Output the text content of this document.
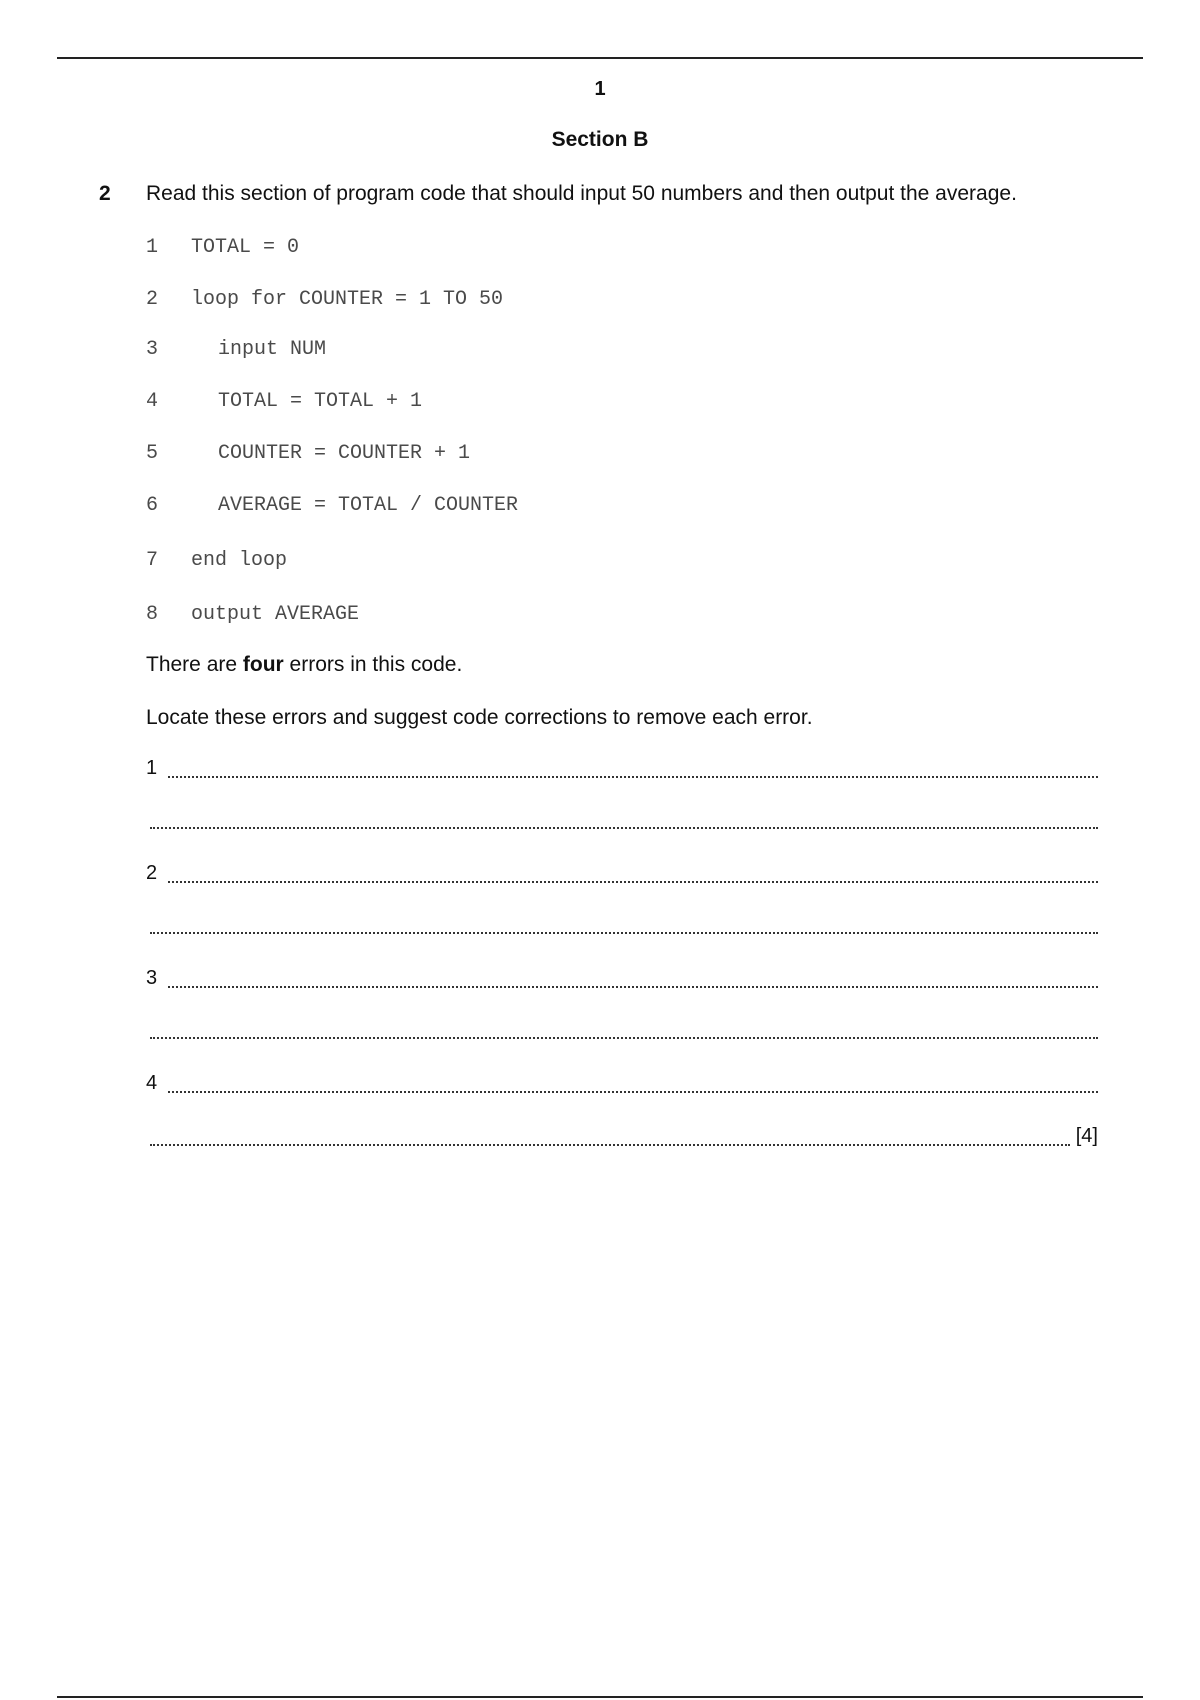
1
Section B
2 Read this section of program code that should input 50 numbers and then output the average.

1

TOTAL = 0

2

loop for COUNTER = 1 TO 50

3

	input NUM

4

	TOTAL = TOTAL + 1

5

	COUNTER = COUNTER + 1

6

	AVERAGE = TOTAL / COUNTER

7

end loop

8

output AVERAGE

There are four errors in this code.
Locate these errors and suggest code corrections to remove each error.
1
2
3
4
[4]
